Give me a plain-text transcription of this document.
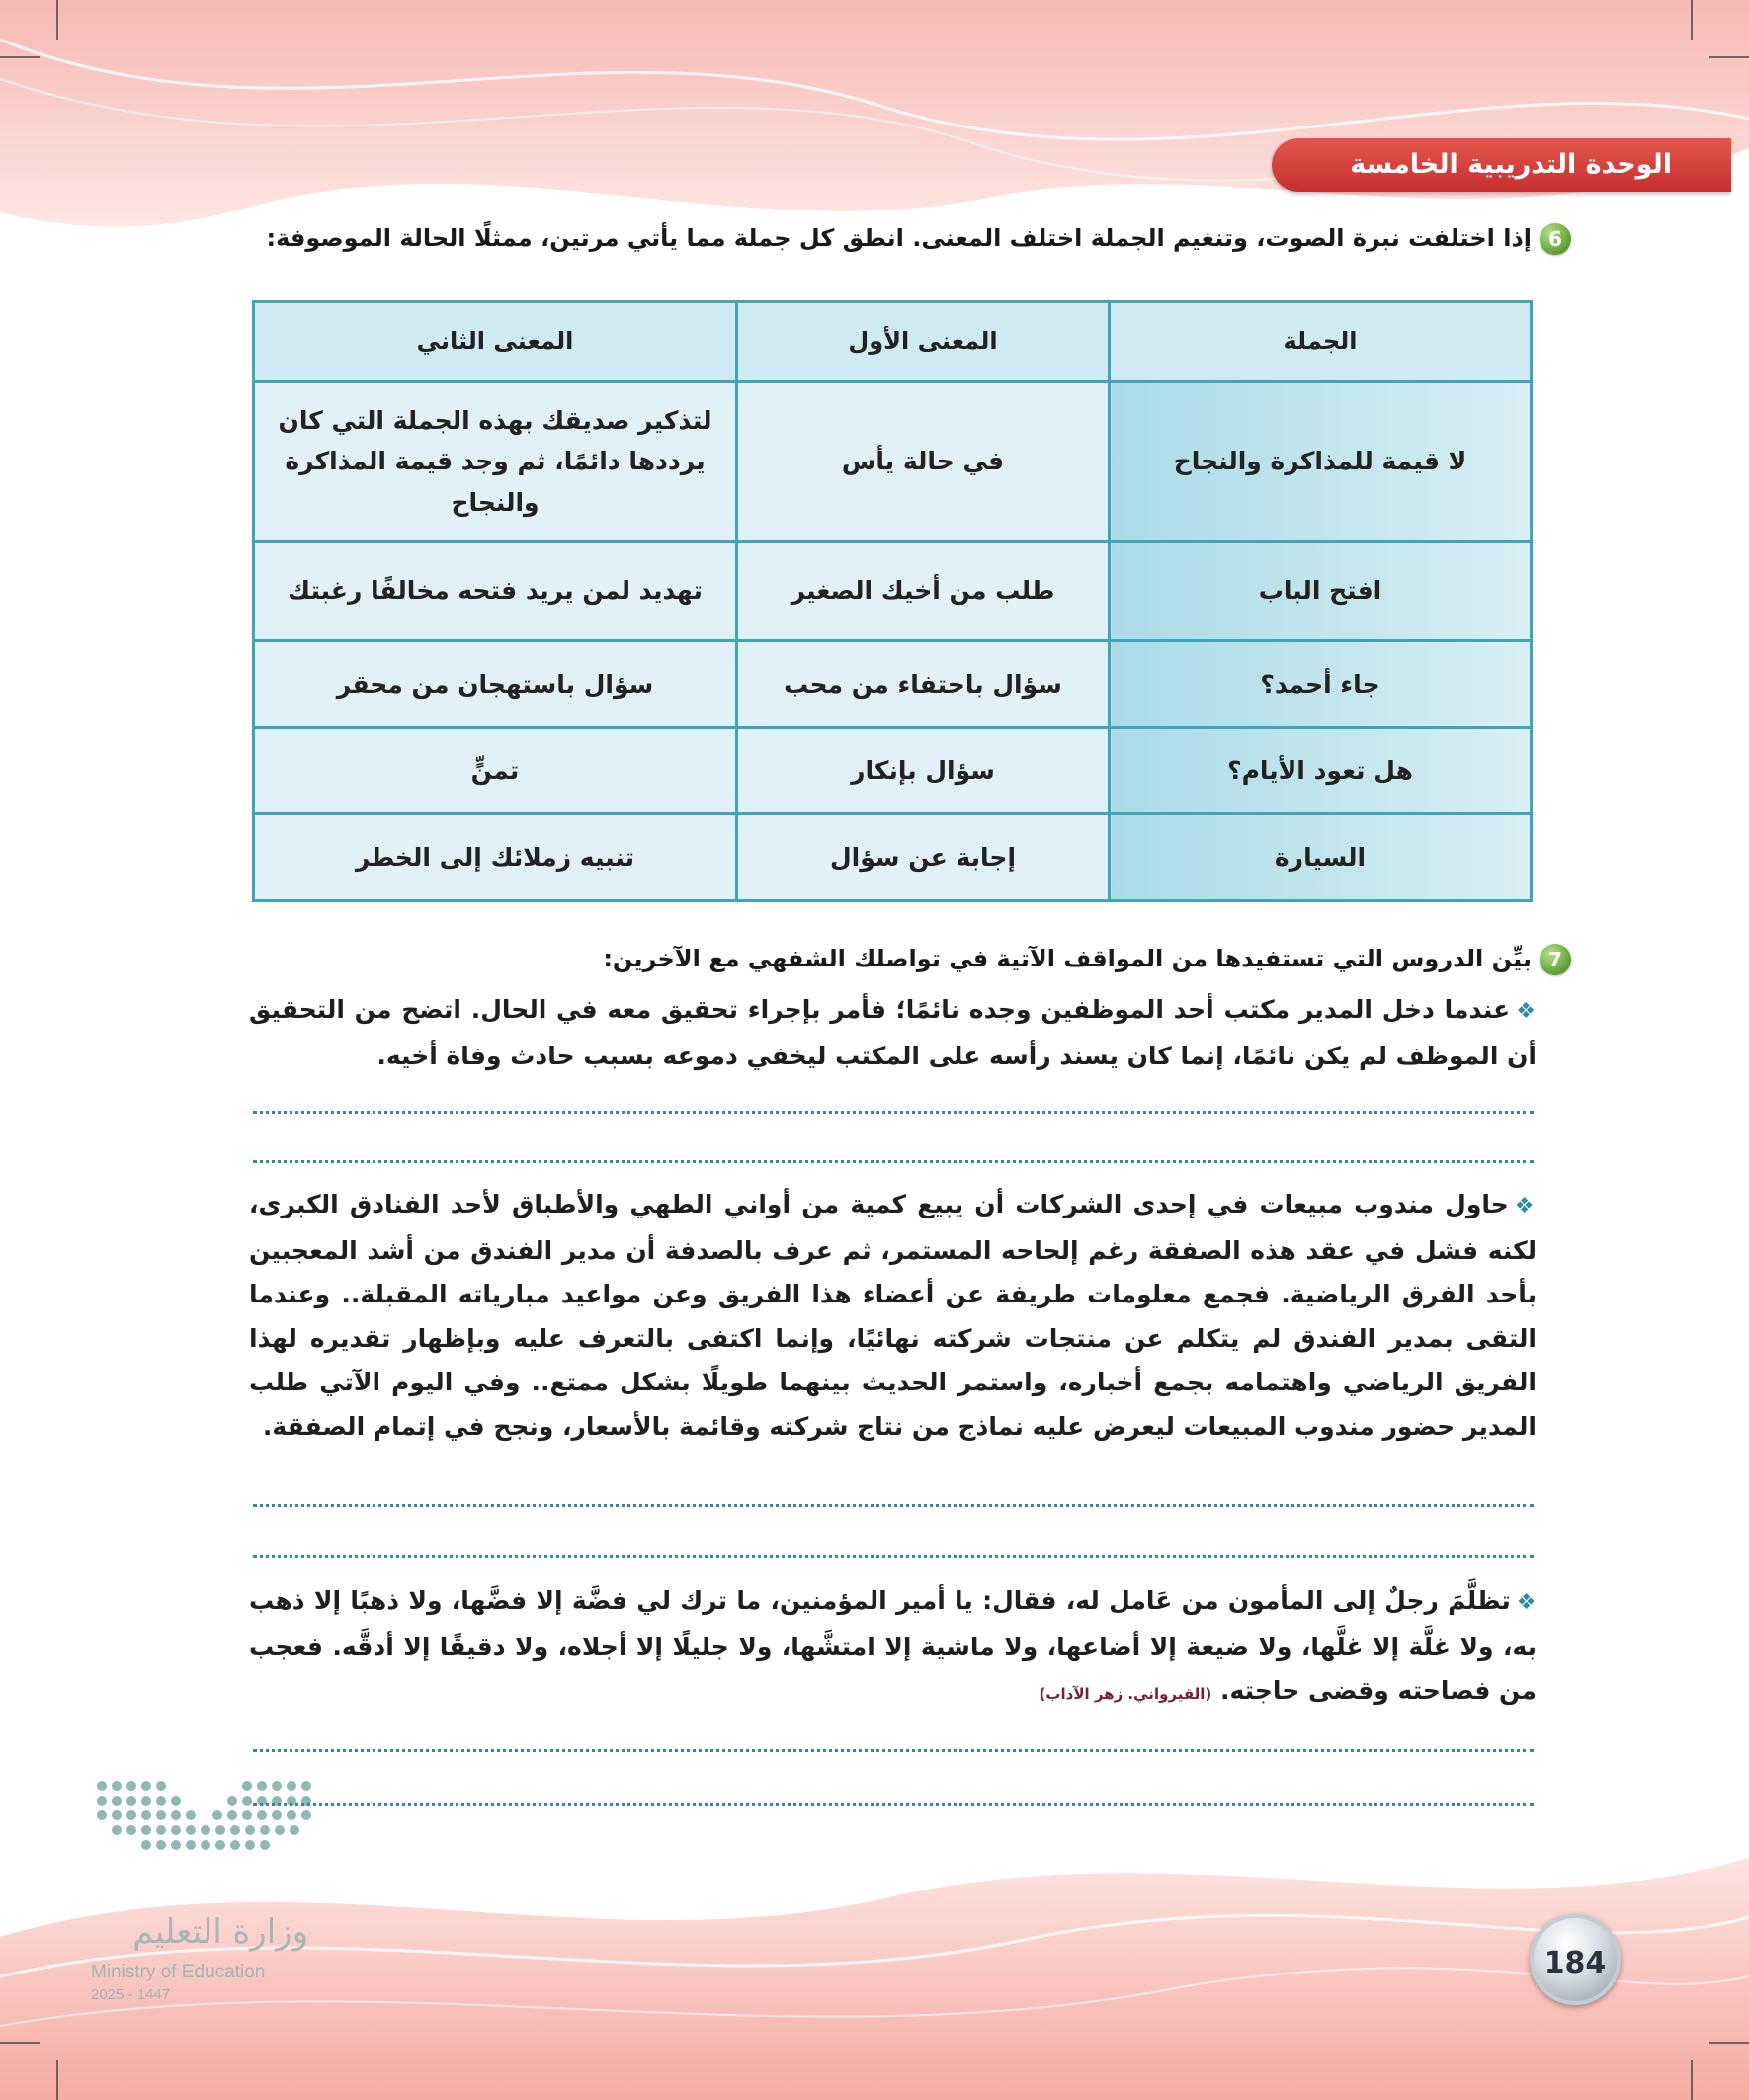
الوحدة التدريبية الخامسة
6إذا اختلفت نبرة الصوت، وتنغيم الجملة اختلف المعنى. انطق كل جملة مما يأتي مرتين، ممثلًا الحالة الموصوفة:
الجملة	المعنى الأول	المعنى الثاني
لا قيمة للمذاكرة والنجاح	في حالة يأس	لتذكير صديقك بهذه الجملة التي كان يرددها دائمًا، ثم وجد قيمة المذاكرة والنجاح
افتح الباب	طلب من أخيك الصغير	تهديد لمن يريد فتحه مخالفًا رغبتك
جاء أحمد؟	سؤال باحتفاء من محب	سؤال باستهجان من محقر
هل تعود الأيام؟	سؤال بإنكار	تمنٍّ
السيارة	إجابة عن سؤال	تنبيه زملائك إلى الخطر
7بيِّن الدروس التي تستفيدها من المواقف الآتية في تواصلك الشفهي مع الآخرين:
❖عندما دخل المدير مكتب أحد الموظفين وجده نائمًا؛ فأمر بإجراء تحقيق معه في الحال. اتضح من التحقيق أن الموظف لم يكن نائمًا، إنما كان يسند رأسه على المكتب ليخفي دموعه بسبب حادث وفاة أخيه.
❖حاول مندوب مبيعات في إحدى الشركات أن يبيع كمية من أواني الطهي والأطباق لأحد الفنادق الكبرى، لكنه فشل في عقد هذه الصفقة رغم إلحاحه المستمر، ثم عرف بالصدفة أن مدير الفندق من أشد المعجبين بأحد الفرق الرياضية. فجمع معلومات طريفة عن أعضاء هذا الفريق وعن مواعيد مبارياته المقبلة.. وعندما التقى بمدير الفندق لم يتكلم عن منتجات شركته نهائيًا، وإنما اكتفى بالتعرف عليه وبإظهار تقديره لهذا الفريق الرياضي واهتمامه بجمع أخباره، واستمر الحديث بينهما طويلًا بشكل ممتع.. وفي اليوم الآتي طلب المدير حضور مندوب المبيعات ليعرض عليه نماذج من نتاج شركته وقائمة بالأسعار، ونجح في إتمام الصفقة.
❖تظلَّمَ رجلٌ إلى المأمون من عَامل له، فقال: يا أمير المؤمنين، ما ترك لي فضَّة إلا فضَّها، ولا ذهبًا إلا ذهب به، ولا غلَّة إلا غلَّها، ولا ضيعة إلا أضاعها، ولا ماشية إلا امتشَّها، ولا جليلًا إلا أجلاه، ولا دقيقًا إلا أدقَّه. فعجب من فصاحته وقضى حاجته. (القيرواني. زهر الآداب)
184
وزارة التعليم
Ministry of Education
2025 - 1447
